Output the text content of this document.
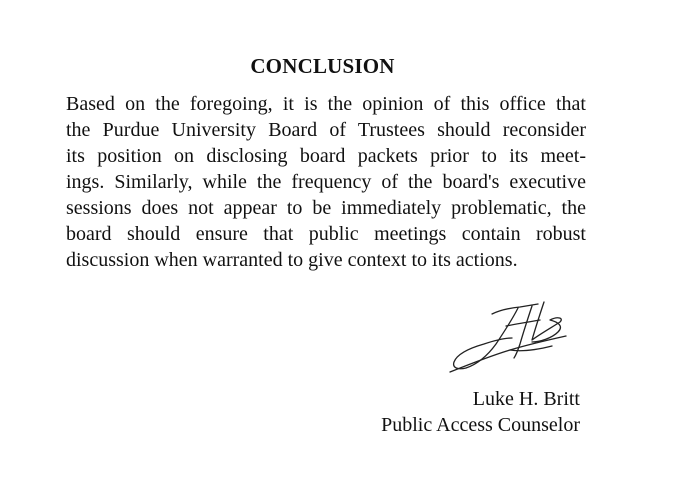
CONCLUSION

Based on the foregoing, it is the opinion of this office that
the Purdue University Board of Trustees should reconsider
its position on disclosing board packets prior to its meet-
ings. Similarly, while the frequency of the board's executive
sessions does not appear to be immediately problematic, the
board should ensure that public meetings contain robust
discussion when warranted to give context to its actions.

Luke H. Britt
Public Access Counselor
